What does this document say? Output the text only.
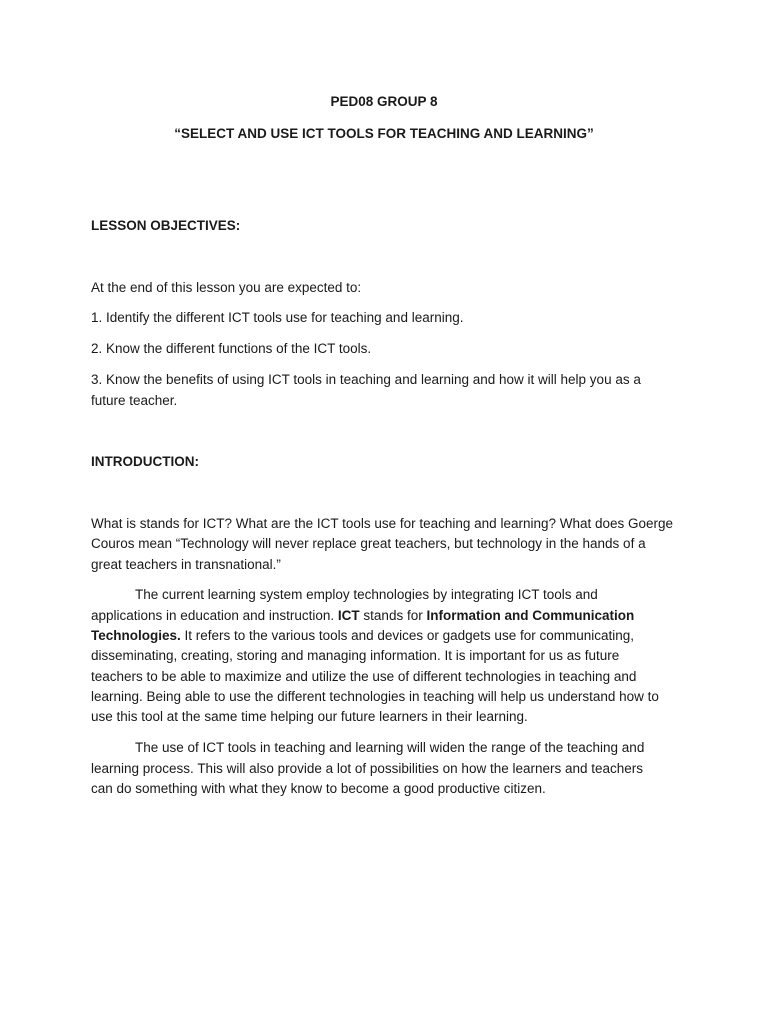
PED08 GROUP 8
“SELECT AND USE ICT TOOLS FOR TEACHING AND LEARNING”
LESSON OBJECTIVES:
At the end of this lesson you are expected to:
1. Identify the different ICT tools use for teaching and learning.
2. Know the different functions of the ICT tools.
3. Know the benefits of using ICT tools in teaching and learning and how it will help you as a
future teacher.
INTRODUCTION:
What is stands for ICT? What are the ICT tools use for teaching and learning? What does Goerge
Couros mean “Technology will never replace great teachers, but technology in the hands of a
great teachers in transnational.”
The current learning system employ technologies by integrating ICT tools and
applications in education and instruction. ICT stands for Information and Communication
Technologies. It refers to the various tools and devices or gadgets use for communicating,
disseminating, creating, storing and managing information. It is important for us as future
teachers to be able to maximize and utilize the use of different technologies in teaching and
learning. Being able to use the different technologies in teaching will help us understand how to
use this tool at the same time helping our future learners in their learning.
The use of ICT tools in teaching and learning will widen the range of the teaching and
learning process. This will also provide a lot of possibilities on how the learners and teachers
can do something with what they know to become a good productive citizen.
